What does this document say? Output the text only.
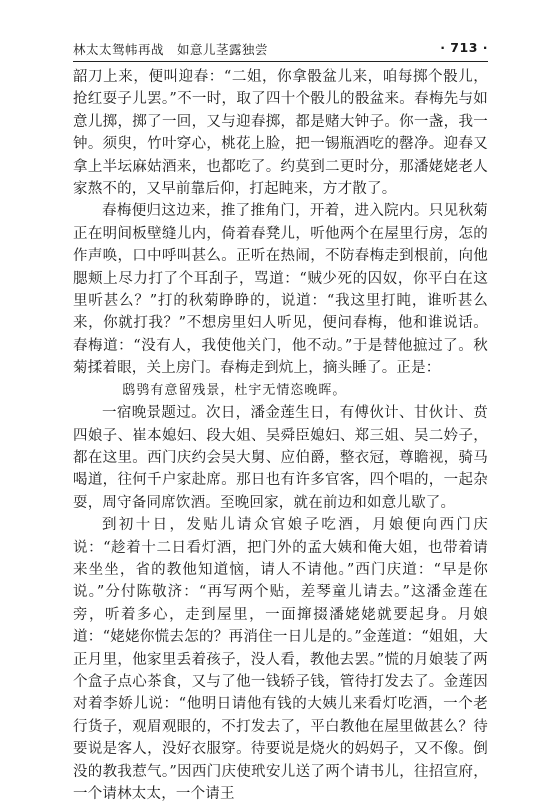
林太太鸳帏再战　如意儿茎露独尝	· 713 ·

韶刀上来，便叫迎春：“二姐，你拿骰盆儿来，咱每掷个骰儿，抢红耍子儿罢。”不一时，取了四十个骰儿的骰盆来。春梅先与如意儿掷，掷了一回，又与迎春掷，都是赌大钟子。你一盏，我一钟。须臾，竹叶穿心，桃花上脸，把一锡瓶酒吃的罄净。迎春又拿上半坛麻姑酒来，也都吃了。约莫到二更时分，那潘姥姥老人家熬不的，又早前靠后仰，打起盹来，方才散了。

春梅便归这边来，推了推角门，开着，进入院内。只见秋菊正在明间板壁缝儿内，倚着春凳儿，听他两个在屋里行房，怎的作声唤，口中呼叫甚么。正听在热闹，不防春梅走到根前，向他腮颊上尽力打了个耳刮子，骂道：“贼少死的囚奴，你平白在这里听甚么？”打的秋菊睁睁的，说道：“我这里打盹，谁听甚么来，你就打我？”不想房里妇人听见，便问春梅，他和谁说话。春梅道：“没有人，我使他关门，他不动。”于是替他摭过了。秋菊揉着眼，关上房门。春梅走到炕上，摘头睡了。正是：

鸱鸮有意留残景，杜宇无情恣晚晖。

一宿晚景题过。次日，潘金莲生日，有傅伙计、甘伙计、贲四娘子、崔本媳妇、段大姐、吴舜臣媳妇、郑三姐、吴二妗子，都在这里。西门庆约会吴大舅、应伯爵，整衣冠，尊瞻视，骑马喝道，往何千户家赴席。那日也有许多官客，四个唱的，一起杂耍，周守备同席饮酒。至晚回家，就在前边和如意儿歇了。

到初十日，发贴儿请众官娘子吃酒，月娘便向西门庆说：“趁着十二日看灯酒，把门外的孟大姨和俺大姐，也带着请来坐坐，省的教他知道恼，请人不请他。”西门庆道：“早是你说。”分付陈敬济：“再写两个贴，差琴童儿请去。”这潘金莲在旁，听着多心，走到屋里，一面撺掇潘姥姥就要起身。月娘道：“姥姥你慌去怎的？再消住一日儿是的。”金莲道：“姐姐，大正月里，他家里丢着孩子，没人看，教他去罢。”慌的月娘装了两个盒子点心茶食，又与了他一钱轿子钱，管待打发去了。金莲因对着李娇儿说：“他明日请他有钱的大姨儿来看灯吃酒，一个老行货子，观眉观眼的，不打发去了，平白教他在屋里做甚么？待要说是客人，没好衣服穿。待要说是烧火的妈妈子，又不像。倒没的教我惹气。”因西门庆使玳安儿送了两个请书儿，往招宣府，一个请林太太，一个请王
